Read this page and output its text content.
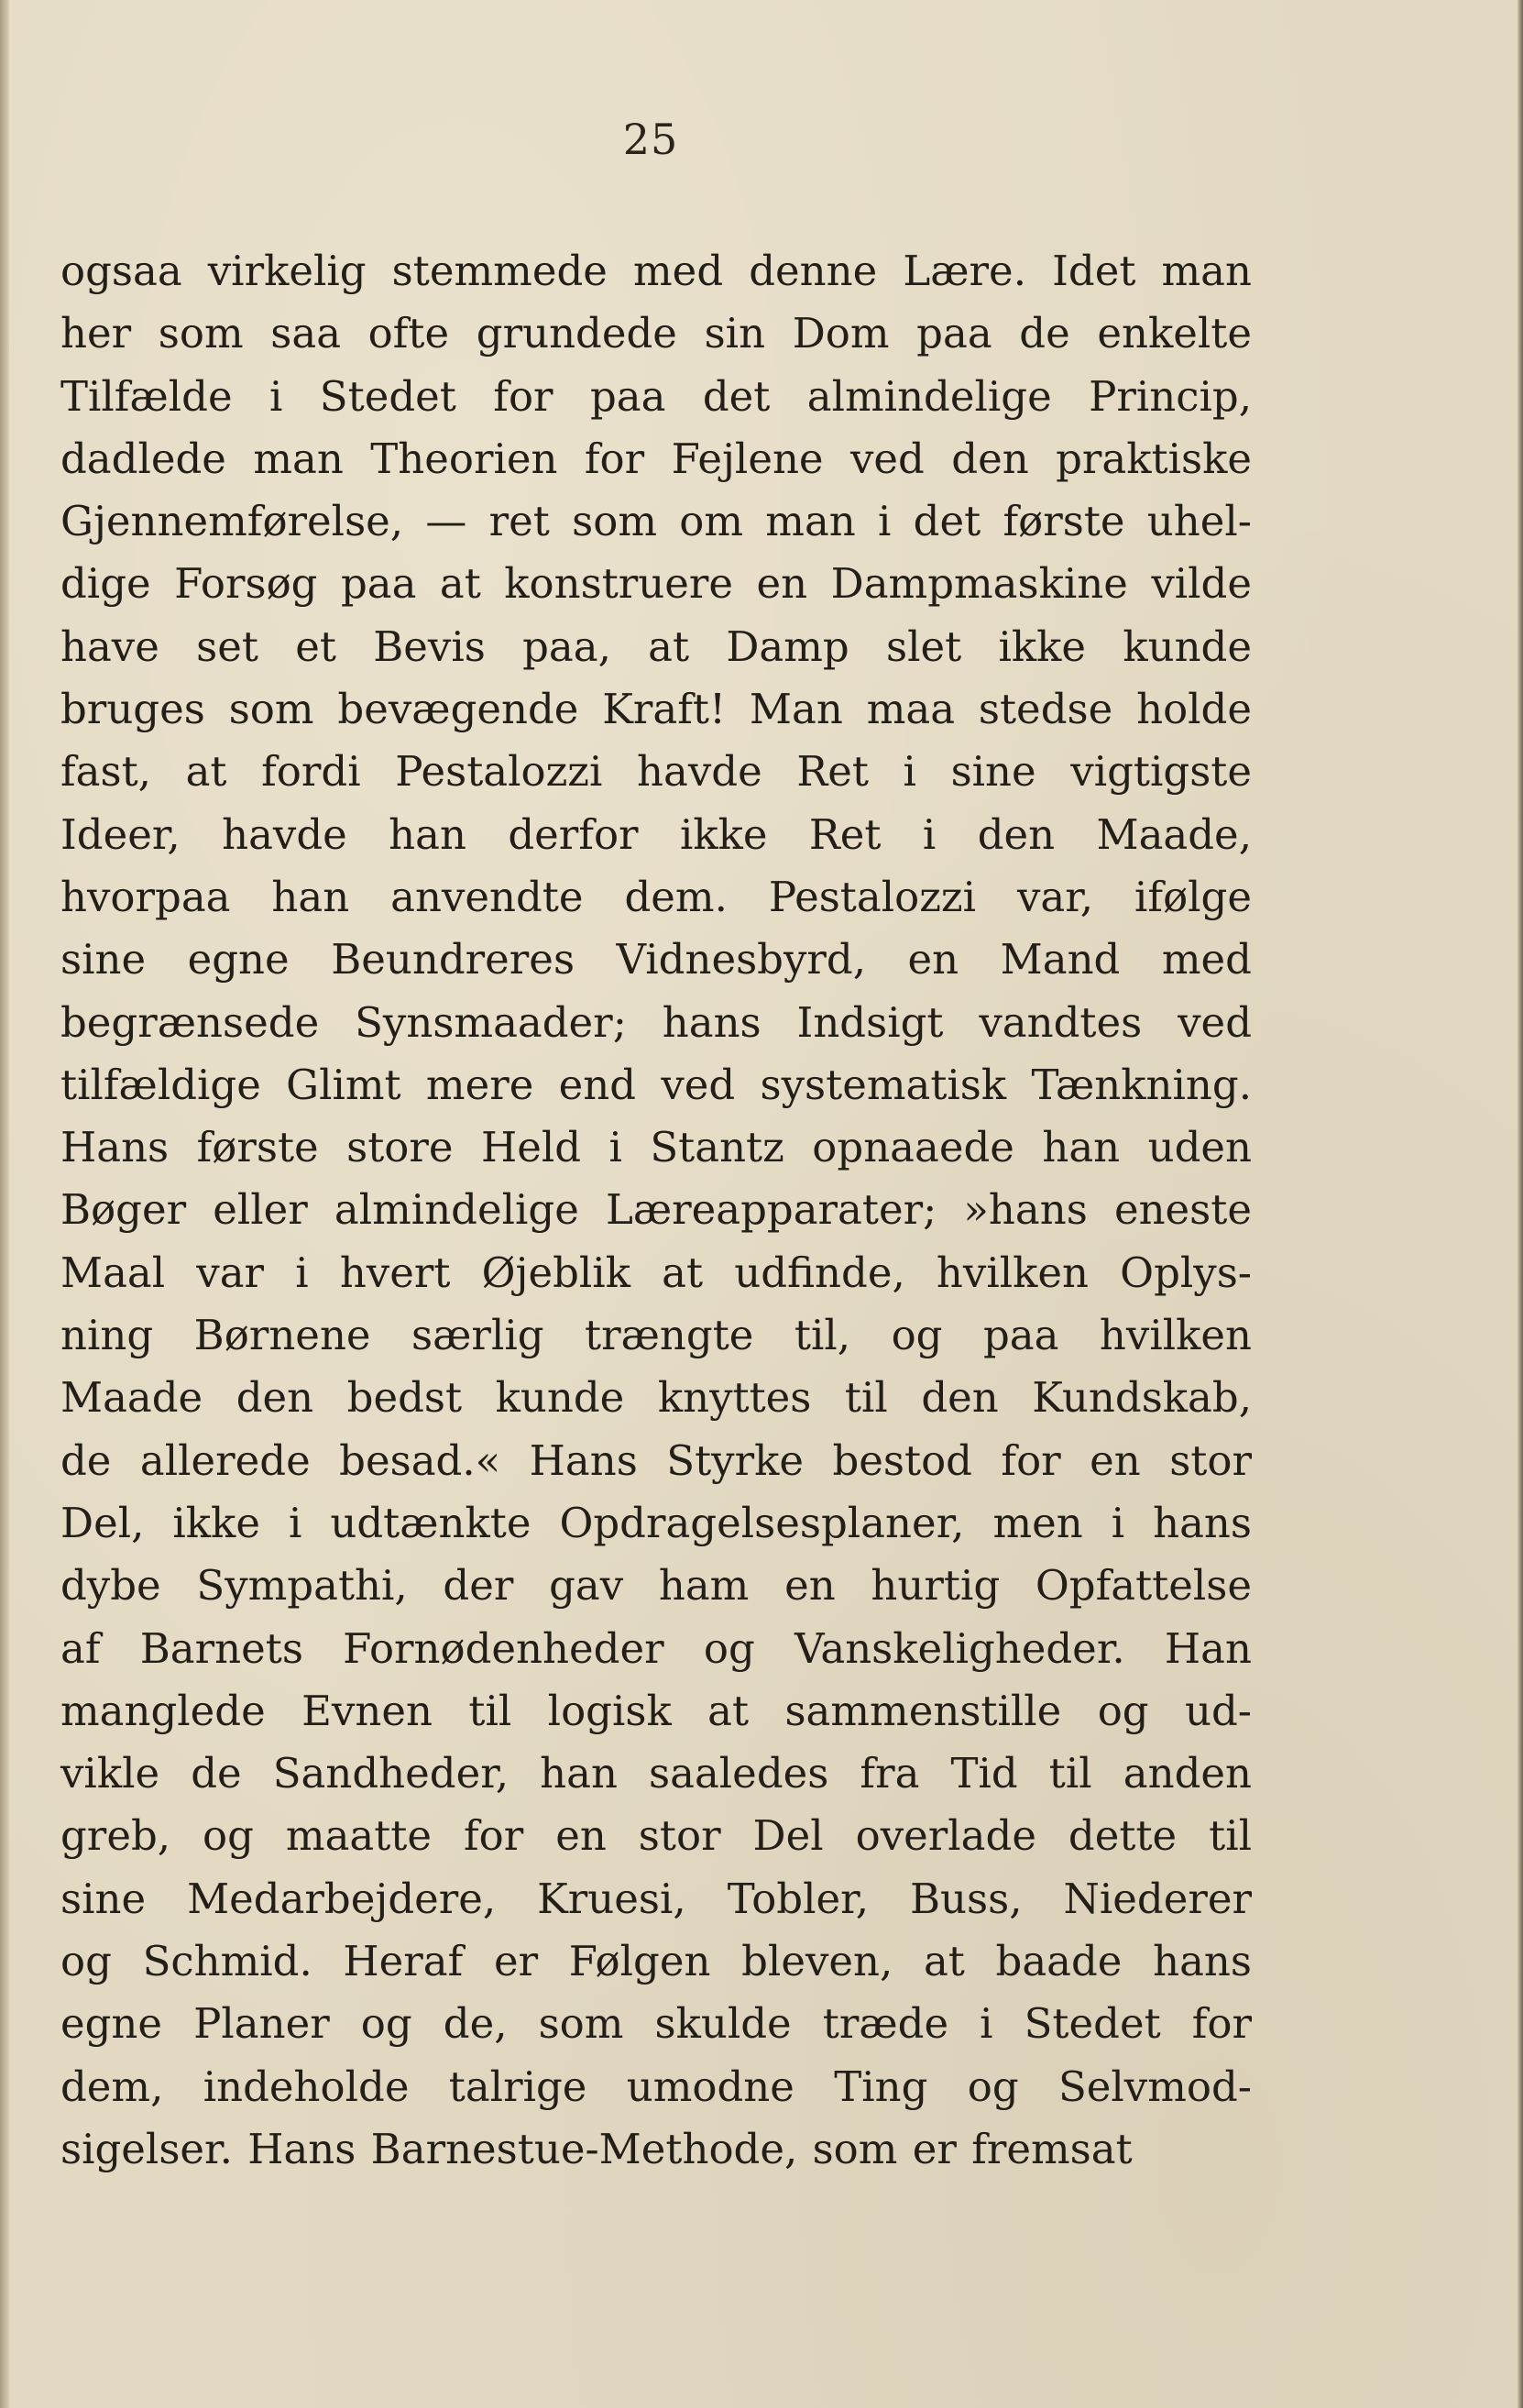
25
ogsaa virkelig stemmede med denne Lære. Idet man
her som saa ofte grundede sin Dom paa de enkelte
Tilfælde i Stedet for paa det almindelige Princip,
dadlede man Theorien for Fejlene ved den praktiske
Gjennemførelse, — ret som om man i det første uhel-
dige Forsøg paa at konstruere en Dampmaskine vilde
have set et Bevis paa, at Damp slet ikke kunde
bruges som bevægende Kraft! Man maa stedse holde
fast, at fordi Pestalozzi havde Ret i sine vigtigste
Ideer, havde han derfor ikke Ret i den Maade,
hvorpaa han anvendte dem. Pestalozzi var, ifølge
sine egne Beundreres Vidnesbyrd, en Mand med
begrænsede Synsmaader; hans Indsigt vandtes ved
tilfældige Glimt mere end ved systematisk Tænkning.
Hans første store Held i Stantz opnaaede han uden
Bøger eller almindelige Læreapparater; »hans eneste
Maal var i hvert Øjeblik at udfinde, hvilken Oplys-
ning Børnene særlig trængte til, og paa hvilken
Maade den bedst kunde knyttes til den Kundskab,
de allerede besad.« Hans Styrke bestod for en stor
Del, ikke i udtænkte Opdragelsesplaner, men i hans
dybe Sympathi, der gav ham en hurtig Opfattelse
af Barnets Fornødenheder og Vanskeligheder. Han
manglede Evnen til logisk at sammenstille og ud-
vikle de Sandheder, han saaledes fra Tid til anden
greb, og maatte for en stor Del overlade dette til
sine Medarbejdere, Kruesi, Tobler, Buss, Niederer
og Schmid. Heraf er Følgen bleven, at baade hans
egne Planer og de, som skulde træde i Stedet for
dem, indeholde talrige umodne Ting og Selvmod-
sigelser. Hans Barnestue-Methode, som er fremsat
